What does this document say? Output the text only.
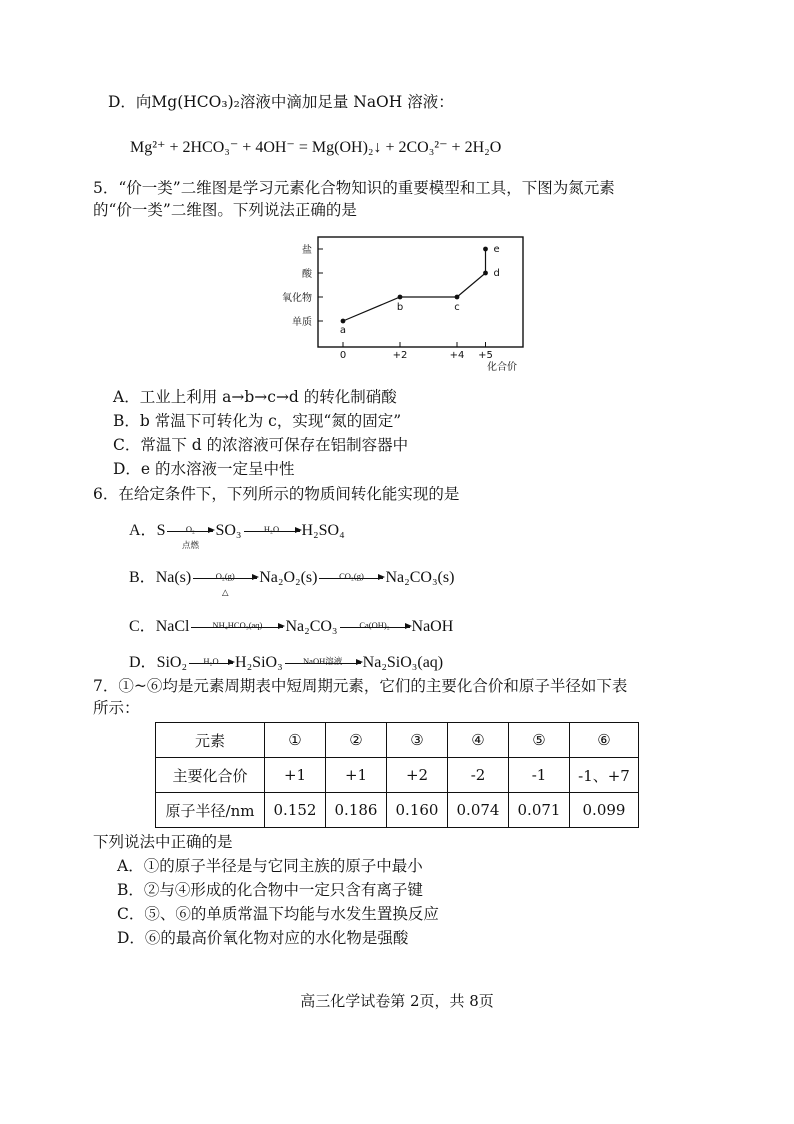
D．向Mg(HCO₃)₂溶液中滴加足量 NaOH 溶液：
Mg²⁺ + 2HCO₃⁻ + 4OH⁻ = Mg(OH)₂↓ + 2CO₃²⁻ + 2H₂O
5．“价一类”二维图是学习元素化合物知识的重要模型和工具，下图为氮元素
的“价一类”二维图。下列说法正确的是
单质
氧化物
酸
盐
0	+2	+4 +5
化合价
a
b	c
d
e
A．工业上利用 a→b→c→d 的转化制硝酸
B．b 常温下可转化为 c，实现“氮的固定”
C．常温下 d 的浓溶液可保存在铝制容器中
D．e 的水溶液一定呈中性
6．在给定条件下，下列所示的物质间转化能实现的是
A．S	O₂
点燃
SO₃	H₂O	H₂SO₄
B．Na(s)	O₂(g)
△
Na₂O₂(s)	CO₂(g)	Na₂CO₃(s)
C．NaCl	NH₄HCO₃(aq)	Na₂CO₃	Ca(OH)₂	NaOH
D．SiO₂	H₂O	H₂SiO₃	NaOH溶液	Na₂SiO₃(aq)
7．①~⑥均是元素周期表中短周期元素，它们的主要化合价和原子半径如下表
所示：
元素	①	②	③	④	⑤	⑥
主要化合价	+1	+1	+2	-2	-1	-1、+7
原子半径/nm	0.152	0.186	0.160	0.074	0.071	0.099
下列说法中正确的是
A．①的原子半径是与它同主族的原子中最小
B．②与④形成的化合物中一定只含有离子键
C．⑤、⑥的单质常温下均能与水发生置换反应
D．⑥的最高价氧化物对应的水化物是强酸
高三化学试卷第 2页，共 8页
